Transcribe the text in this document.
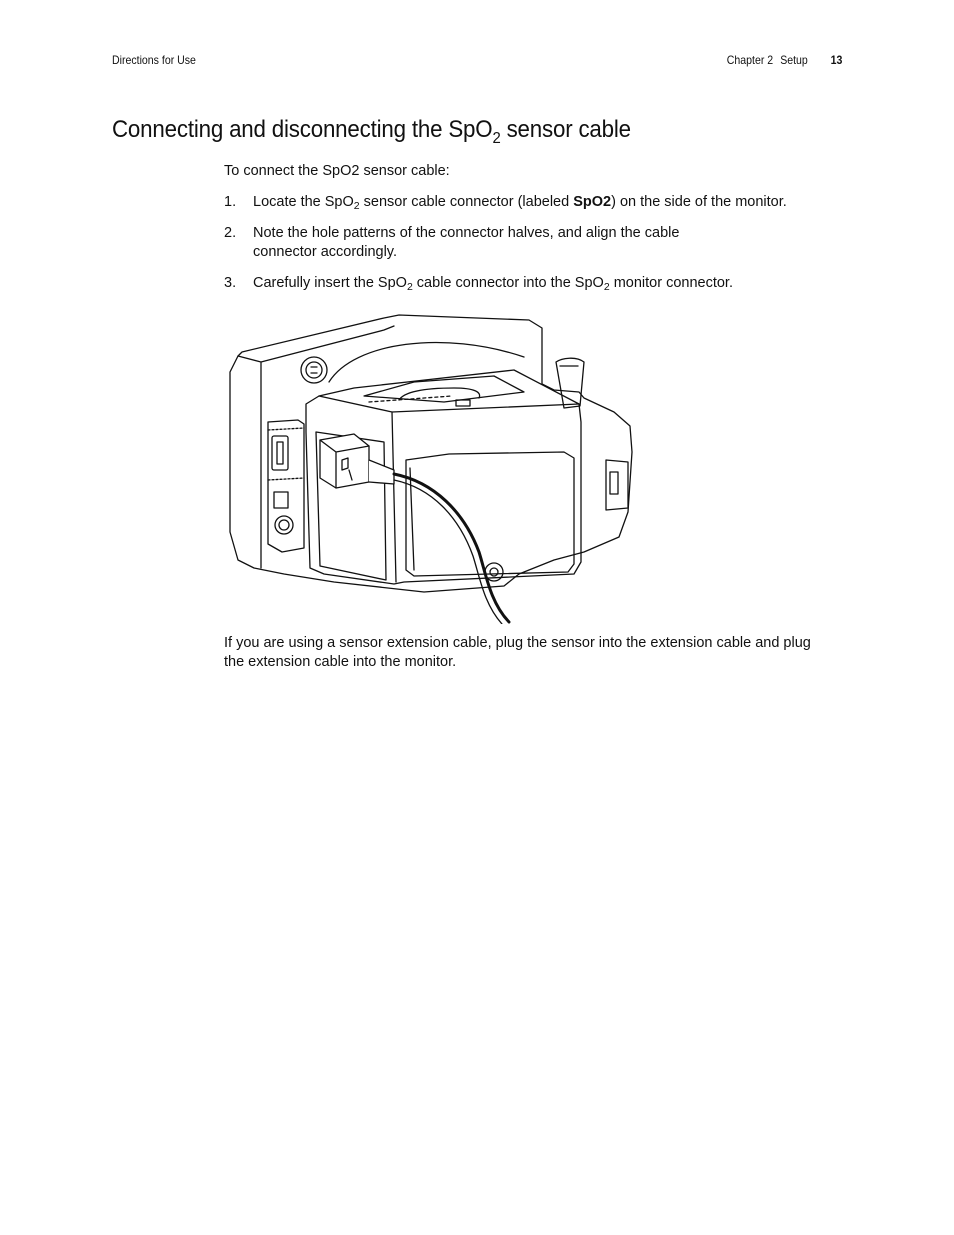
Directions for Use	Chapter 2 Setup 13
Connecting and disconnecting the SpO$_2$ sensor cable

To connect the SpO2 sensor cable:

1. Locate the SpO$_2$ sensor cable connector (labeled SpO2) on the side of the monitor.
2. Note the hole patterns of the connector halves, and align the cable
connector accordingly.
3. Carefully insert the SpO$_2$ cable connector into the SpO$_2$ monitor connector.

If you are using a sensor extension cable, plug the sensor into the extension cable and plug the extension cable into the monitor.
